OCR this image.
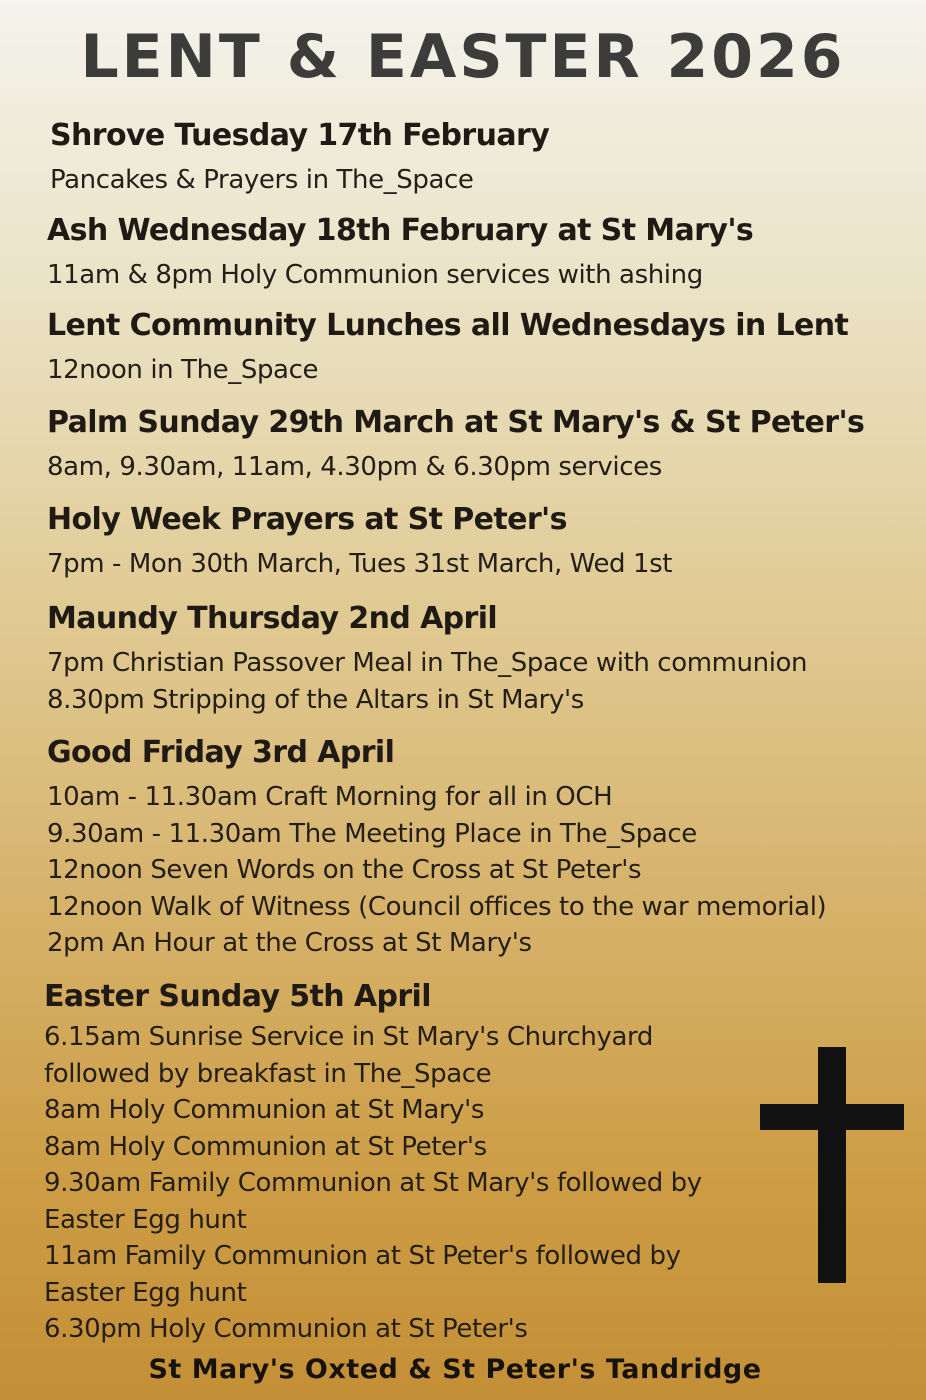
LENT & EASTER 2026
Shrove Tuesday 17th February
Pancakes & Prayers in The_Space
Ash Wednesday 18th February at St Mary's
11am & 8pm Holy Communion services with ashing
Lent Community Lunches all Wednesdays in Lent
12noon in The_Space
Palm Sunday 29th March at St Mary's & St Peter's
8am, 9.30am, 11am, 4.30pm & 6.30pm services
Holy Week Prayers at St Peter's
7pm - Mon 30th March, Tues 31st March, Wed 1st
Maundy Thursday 2nd April
7pm Christian Passover Meal in The_Space with communion
8.30pm Stripping of the Altars in St Mary's
Good Friday 3rd April
10am - 11.30am Craft Morning for all in OCH
9.30am - 11.30am The Meeting Place in The_Space
12noon Seven Words on the Cross at St Peter's
12noon Walk of Witness (Council offices to the war memorial)
2pm An Hour at the Cross at St Mary's
Easter Sunday 5th April
6.15am Sunrise Service in St Mary's Churchyard
followed by breakfast in The_Space
8am Holy Communion at St Mary's
8am Holy Communion at St Peter's
9.30am Family Communion at St Mary's followed by
Easter Egg hunt
11am Family Communion at St Peter's followed by
Easter Egg hunt
6.30pm Holy Communion at St Peter's
St Mary's Oxted & St Peter's Tandridge
